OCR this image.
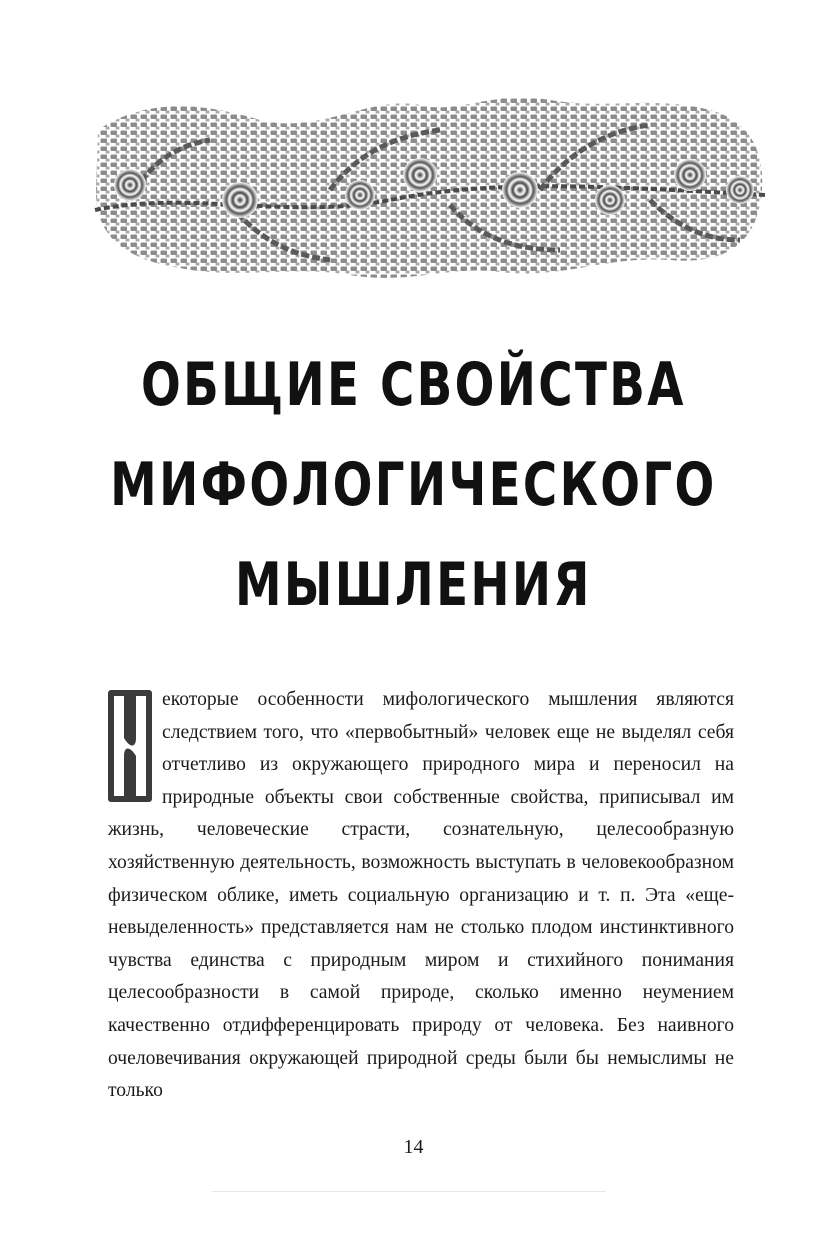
ОБЩИЕ СВОЙСТВА
МИФОЛОГИЧЕСКОГО
МЫШЛЕНИЯ
екоторые особенности мифологического мышления являются следствием того, что «первобытный» человек еще не выделял себя отчетливо из окружающего природного мира и переносил на природные объекты свои собственные свойства, приписывал им жизнь, человеческие страсти, сознательную, целесообразную хозяйственную деятельность, возможность выступать в человекообразном физическом облике, иметь социальную организацию и т. п. Эта «еще-невыделенность» представляется нам не столько плодом инстинктивного чувства единства с природным миром и стихийного понимания целесообразности в самой природе, сколько именно неумением качественно отдифференцировать природу от человека. Без наивного очеловечивания окружающей природной среды были бы немыслимы не только
14
